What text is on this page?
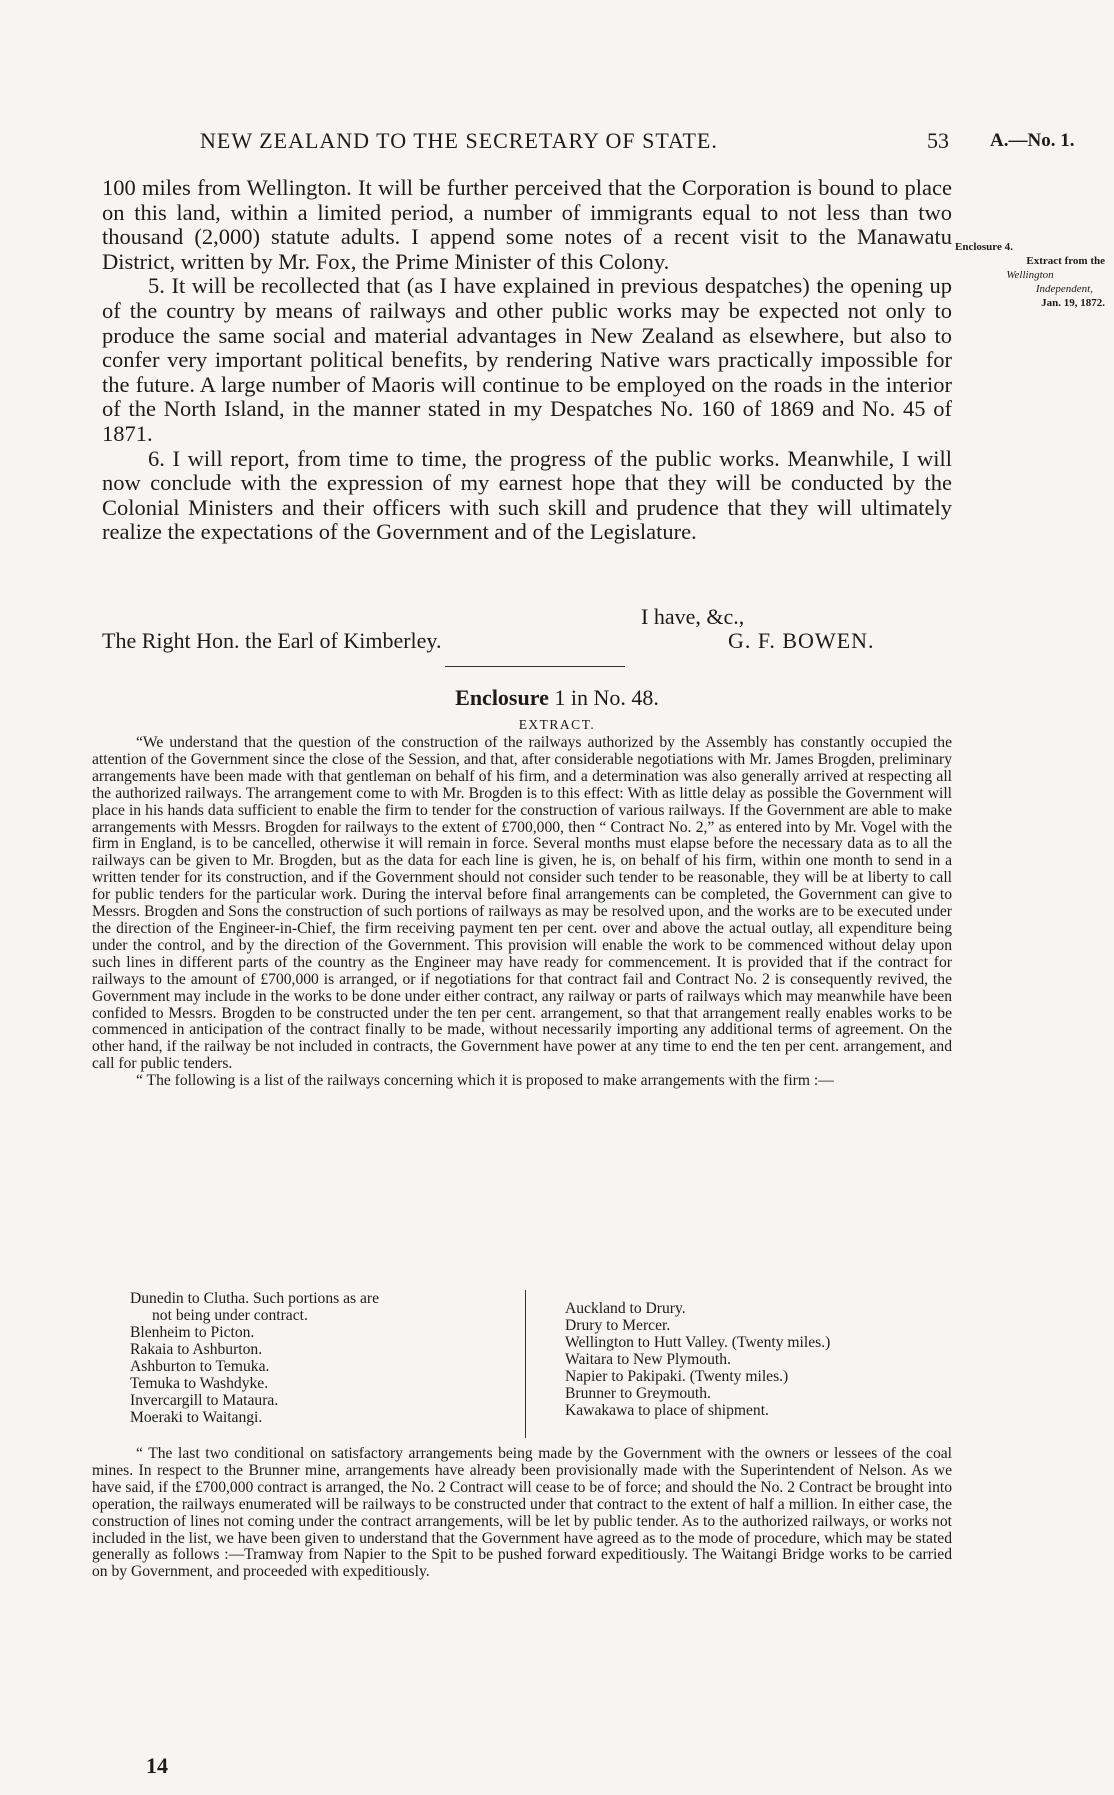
NEW ZEALAND TO THE SECRETARY OF STATE.	53 A.—No. 1.

100 miles from Wellington. It will be further perceived that the Corporation is bound to place on this land, within a limited period, a number of immigrants equal to not less than two thousand (2,000) statute adults. I append some notes of a recent visit to the Manawatu District, written by Mr. Fox, the Prime Minister of this Colony.

5. It will be recollected that (as I have explained in previous despatches) the opening up of the country by means of railways and other public works may be expected not only to produce the same social and material advantages in New Zealand as elsewhere, but also to confer very important political benefits, by rendering Native wars practically impossible for the future. A large number of Maoris will continue to be employed on the roads in the interior of the North Island, in the manner stated in my Despatches No. 160 of 1869 and No. 45 of 1871.

6. I will report, from time to time, the progress of the public works. Meanwhile, I will now conclude with the expression of my earnest hope that they will be conducted by the Colonial Ministers and their officers with such skill and prudence that they will ultimately realize the expectations of the Government and of the Legislature.

Enclosure 4.
Extract from the
Wellington
Independent,
Jan. 19, 1872.
I have, &c.,
The Right Hon. the Earl of Kimberley.	G. F. BOWEN.
Enclosure 1 in No. 48.
EXTRACT.

“We understand that the question of the construction of the railways authorized by the Assembly has constantly occupied the attention of the Government since the close of the Session, and that, after considerable negotiations with Mr. James Brogden, preliminary arrangements have been made with that gentleman on behalf of his firm, and a determination was also generally arrived at respecting all the authorized railways. The arrangement come to with Mr. Brogden is to this effect: With as little delay as possible the Government will place in his hands data sufficient to enable the firm to tender for the construction of various railways. If the Government are able to make arrangements with Messrs. Brogden for railways to the extent of £700,000, then “ Contract No. 2,” as entered into by Mr. Vogel with the firm in England, is to be cancelled, otherwise it will remain in force. Several months must elapse before the necessary data as to all the railways can be given to Mr. Brogden, but as the data for each line is given, he is, on behalf of his firm, within one month to send in a written tender for its construction, and if the Government should not consider such tender to be reasonable, they will be at liberty to call for public tenders for the particular work. During the interval before final arrangements can be completed, the Government can give to Messrs. Brogden and Sons the construction of such portions of railways as may be resolved upon, and the works are to be executed under the direction of the Engineer-in-Chief, the firm receiving payment ten per cent. over and above the actual outlay, all expenditure being under the control, and by the direction of the Government. This provision will enable the work to be commenced without delay upon such lines in different parts of the country as the Engineer may have ready for commencement. It is provided that if the contract for railways to the amount of £700,000 is arranged, or if negotiations for that contract fail and Contract No. 2 is consequently revived, the Government may include in the works to be done under either contract, any railway or parts of railways which may meanwhile have been confided to Messrs. Brogden to be constructed under the ten per cent. arrangement, so that that arrangement really enables works to be commenced in anticipation of the contract finally to be made, without necessarily importing any additional terms of agreement. On the other hand, if the railway be not included in contracts, the Government have power at any time to end the ten per cent. arrangement, and call for public tenders.

“ The following is a list of the railways concerning which it is proposed to make arrangements with the firm :—

Dunedin to Clutha. Such portions as are
not being under contract.
Blenheim to Picton.
Rakaia to Ashburton.
Ashburton to Temuka.
Temuka to Washdyke.
Invercargill to Mataura.
Moeraki to Waitangi.
Auckland to Drury.
Drury to Mercer.
Wellington to Hutt Valley. (Twenty miles.)
Waitara to New Plymouth.
Napier to Pakipaki. (Twenty miles.)
Brunner to Greymouth.
Kawakawa to place of shipment.

“ The last two conditional on satisfactory arrangements being made by the Government with the owners or lessees of the coal mines. In respect to the Brunner mine, arrangements have already been provisionally made with the Superintendent of Nelson. As we have said, if the £700,000 contract is arranged, the No. 2 Contract will cease to be of force; and should the No. 2 Contract be brought into operation, the railways enumerated will be railways to be constructed under that contract to the extent of half a million. In either case, the construction of lines not coming under the contract arrangements, will be let by public tender. As to the authorized railways, or works not included in the list, we have been given to understand that the Government have agreed as to the mode of procedure, which may be stated generally as follows :—Tramway from Napier to the Spit to be pushed forward expeditiously. The Waitangi Bridge works to be carried on by Government, and proceeded with expeditiously.

14
